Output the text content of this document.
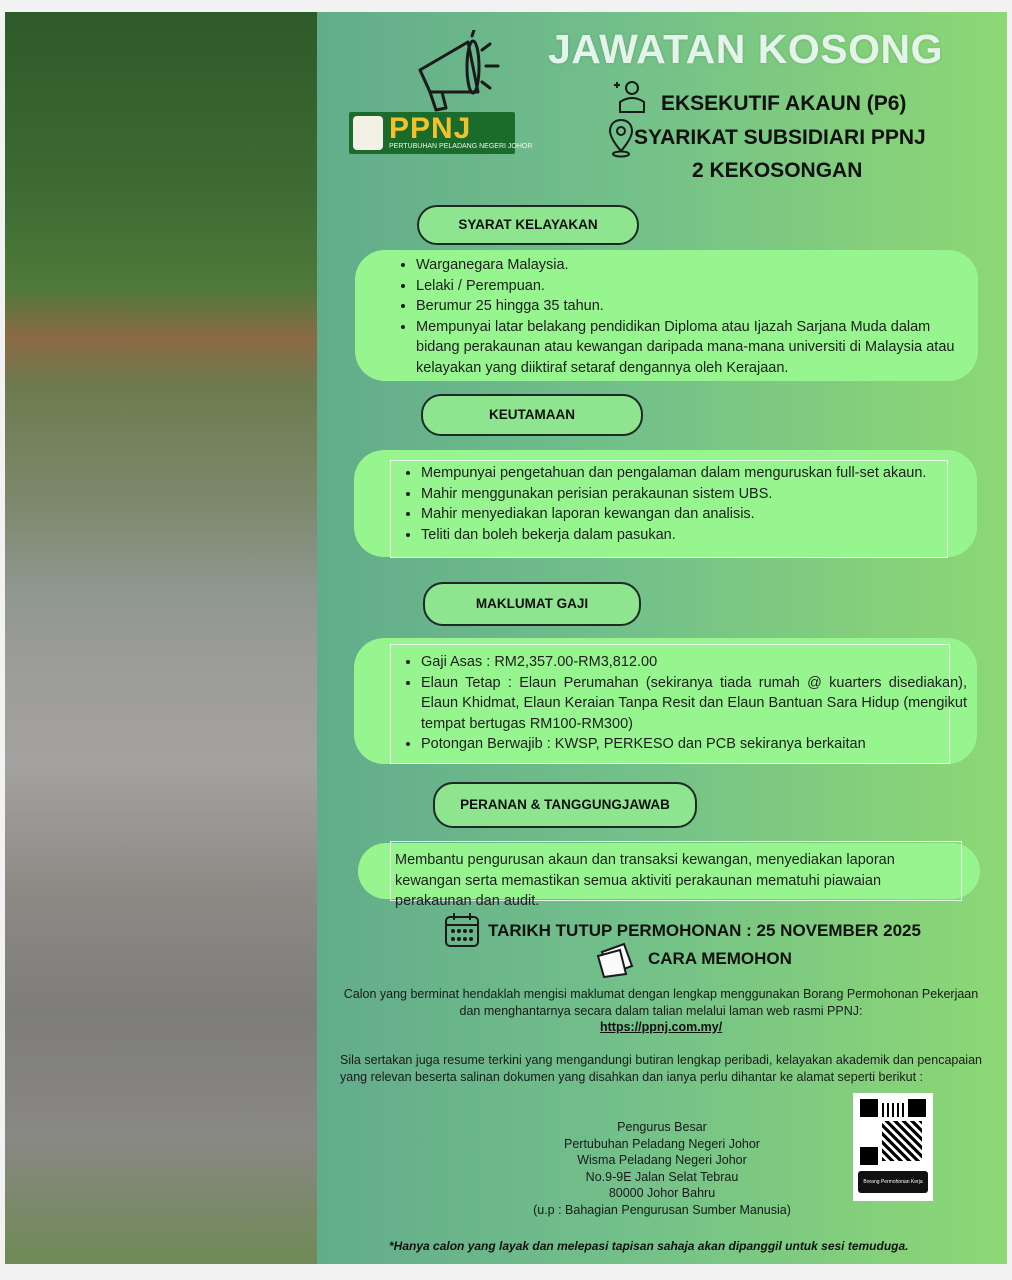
JAWATAN KOSONG
EKSEKUTIF AKAUN (P6)
SYARIKAT SUBSIDIARI PPNJ
2 KEKOSONGAN
PPNJ
PERTUBUHAN PELADANG NEGERI JOHOR
SYARAT KELAYAKAN
• Warganegara Malaysia.
• Lelaki / Perempuan.
• Berumur 25 hingga 35 tahun.
• Mempunyai latar belakang pendidikan Diploma atau Ijazah Sarjana Muda dalam bidang perakaunan atau kewangan daripada mana-mana universiti di Malaysia atau kelayakan yang diiktiraf setaraf dengannya oleh Kerajaan.
KEUTAMAAN
• Mempunyai pengetahuan dan pengalaman dalam menguruskan full-set akaun.
• Mahir menggunakan perisian perakaunan sistem UBS.
• Mahir menyediakan laporan kewangan dan analisis.
• Teliti dan boleh bekerja dalam pasukan.
MAKLUMAT GAJI
• Gaji Asas : RM2,357.00-RM3,812.00
• Elaun Tetap : Elaun Perumahan (sekiranya tiada rumah @ kuarters disediakan), Elaun Khidmat, Elaun Keraian Tanpa Resit dan Elaun Bantuan Sara Hidup (mengikut tempat bertugas RM100-RM300)
• Potongan Berwajib : KWSP, PERKESO dan PCB sekiranya berkaitan
PERANAN & TANGGUNGJAWAB
Membantu pengurusan akaun dan transaksi kewangan, menyediakan laporan kewangan serta memastikan semua aktiviti perakaunan mematuhi piawaian perakaunan dan audit.
TARIKH TUTUP PERMOHONAN : 25 NOVEMBER 2025
CARA MEMOHON
Calon yang berminat hendaklah mengisi maklumat dengan lengkap menggunakan Borang Permohonan Pekerjaan dan menghantarnya secara dalam talian melalui laman web rasmi PPNJ:
https://ppnj.com.my/
Sila sertakan juga resume terkini yang mengandungi butiran lengkap peribadi, kelayakan akademik dan pencapaian yang relevan beserta salinan dokumen yang disahkan dan ianya perlu dihantar ke alamat seperti berikut :
Pengurus Besar
Pertubuhan Peladang Negeri Johor
Wisma Peladang Negeri Johor
No.9-9E Jalan Selat Tebrau
80000 Johor Bahru
(u.p : Bahagian Pengurusan Sumber Manusia)
Borang Permohonan Kerja
*Hanya calon yang layak dan melepasi tapisan sahaja akan dipanggil untuk sesi temuduga.
